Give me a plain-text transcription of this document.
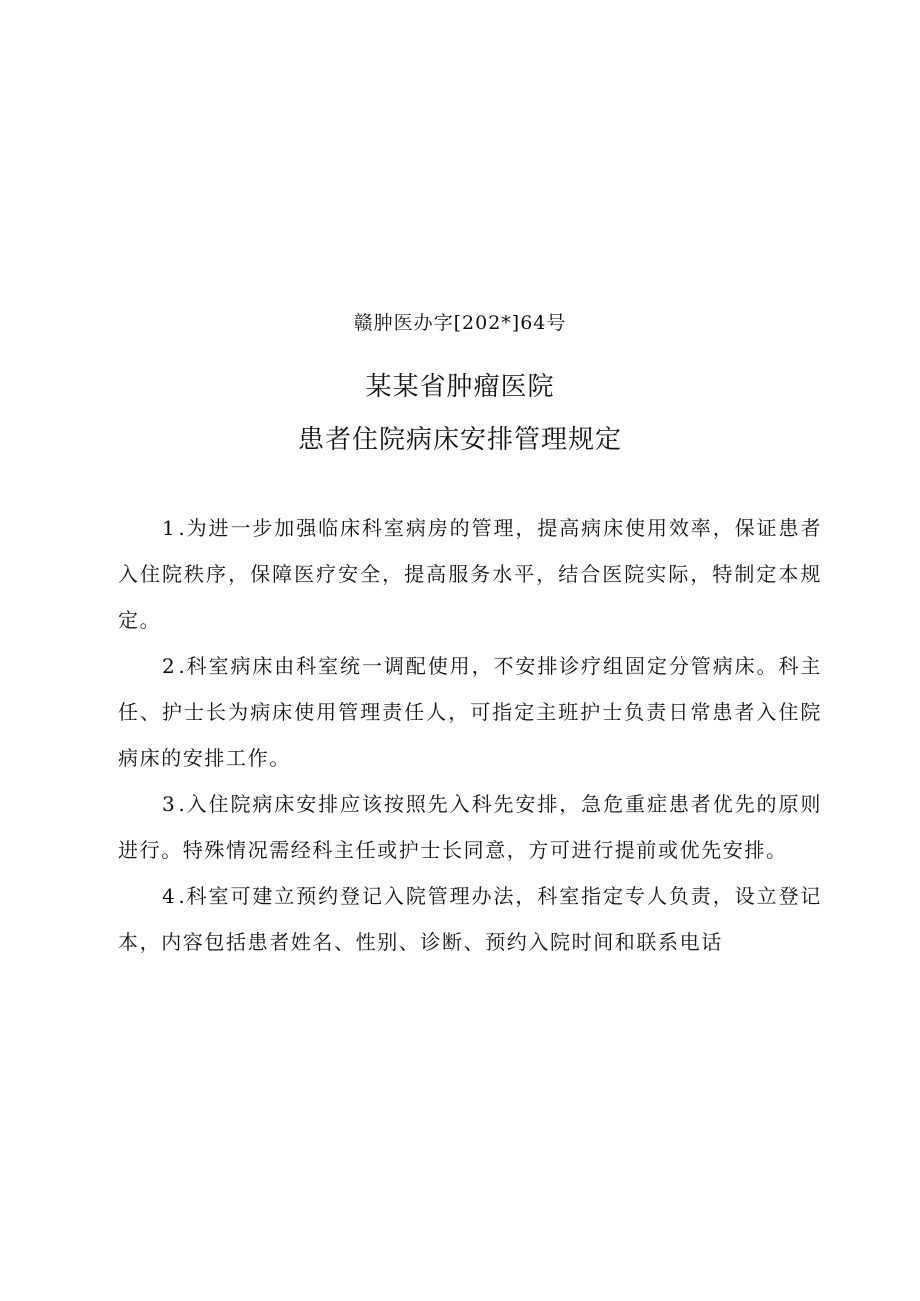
赣肿医办字[202*]64号
某某省肿瘤医院
患者住院病床安排管理规定

1 .为进一步加强临床科室病房的管理，提高病床使用效率，保证患者入住院秩序，保障医疗安全，提高服务水平，结合医院实际，特制定本规定。

2 .科室病床由科室统一调配使用，不安排诊疗组固定分管病床。科主任、护士长为病床使用管理责任人，可指定主班护士负责日常患者入住院病床的安排工作。

3 .入住院病床安排应该按照先入科先安排，急危重症患者优先的原则进行。特殊情况需经科主任或护士长同意，方可进行提前或优先安排。

4 .科室可建立预约登记入院管理办法，科室指定专人负责，设立登记本，内容包括患者姓名、性别、诊断、预约入院时间和联系电话
